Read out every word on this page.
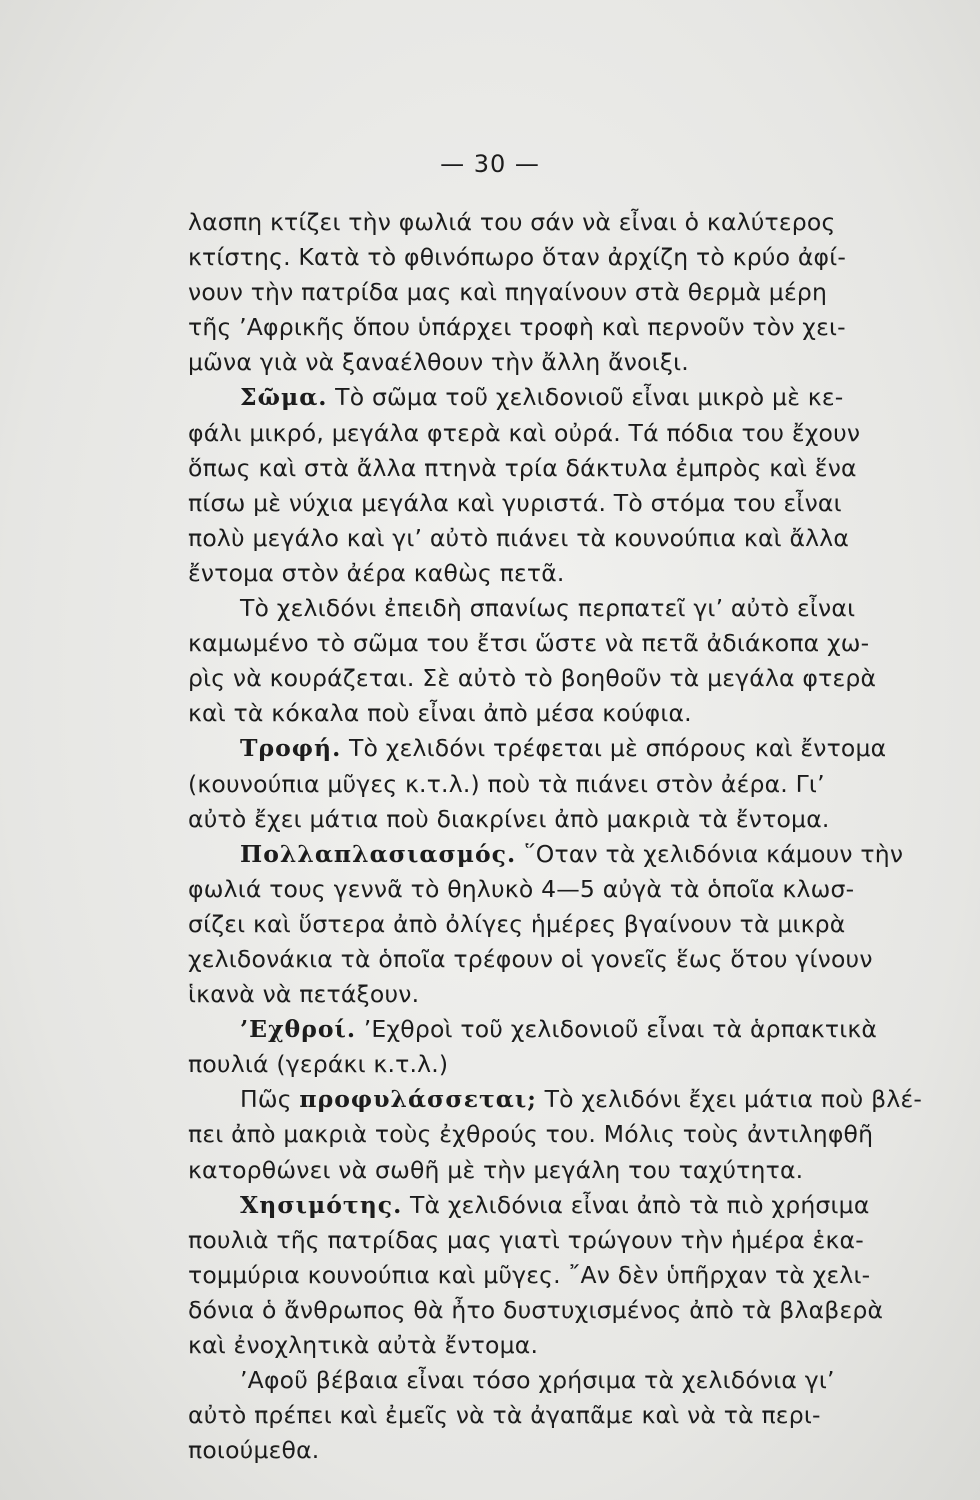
— 30 —
λασπη κτίζει τὴν φωλιά του σάν νὰ εἶναι ὁ καλύτερος
κτίστης. Κατὰ τὸ φθινόπωρο ὅταν ἀρχίζη τὸ κρύο ἀφί-
νουν τὴν πατρίδα μας καὶ πηγαίνουν στὰ θερμὰ μέρη
τῆς ’Αφρικῆς ὅπου ὑπάρχει τροφὴ καὶ περνοῦν τὸν χει-
μῶνα γιὰ νὰ ξαναέλθουν τὴν ἄλλη ἄνοιξι.
Σῶμα. Τὸ σῶμα τοῦ χελιδονιοῦ εἶναι μικρὸ μὲ κε-
φάλι μικρό, μεγάλα φτερὰ καὶ οὐρά. Τά πόδια του ἔχουν
ὅπως καὶ στὰ ἄλλα πτηνὰ τρία δάκτυλα ἐμπρὸς καὶ ἕνα
πίσω μὲ νύχια μεγάλα καὶ γυριστά. Τὸ στόμα του εἶναι
πολὺ μεγάλο καὶ γι’ αὐτὸ πιάνει τὰ κουνούπια καὶ ἄλλα
ἔντομα στὸν ἀέρα καθὼς πετᾶ.
Τὸ χελιδόνι ἐπειδὴ σπανίως περπατεῖ γι’ αὐτὸ εἶναι
καμωμένο τὸ σῶμα του ἔτσι ὥστε νὰ πετᾶ ἀδιάκοπα χω-
ρὶς νὰ κουράζεται. Σὲ αὐτὸ τὸ βοηθοῦν τὰ μεγάλα φτερὰ
καὶ τὰ κόκαλα ποὺ εἶναι ἀπὸ μέσα κούφια.
Τροφή. Τὸ χελιδόνι τρέφεται μὲ σπόρους καὶ ἔντομα
(κουνούπια μῦγες κ.τ.λ.) ποὺ τὰ πιάνει στὸν ἀέρα. Γι’
αὐτὸ ἔχει μάτια ποὺ διακρίνει ἀπὸ μακριὰ τὰ ἔντομα.
Πολλαπλασιασμός. ῞Οταν τὰ χελιδόνια κάμουν τὴν
φωλιά τους γεννᾶ τὸ θηλυκὸ 4—5 αὐγὰ τὰ ὁποῖα κλωσ-
σίζει καὶ ὕστερα ἀπὸ ὀλίγες ἡμέρες βγαίνουν τὰ μικρὰ
χελιδονάκια τὰ ὁποῖα τρέφουν οἱ γονεῖς ἕως ὅτου γίνουν
ἱκανὰ νὰ πετάξουν.
’Εχθροί. ’Εχθροὶ τοῦ χελιδονιοῦ εἶναι τὰ ἁρπακτικὰ
πουλιά (γεράκι κ.τ.λ.)
Πῶς προφυλάσσεται; Τὸ χελιδόνι ἔχει μάτια ποὺ βλέ-
πει ἀπὸ μακριὰ τοὺς ἐχθρούς του. Μόλις τοὺς ἀντιληφθῆ
κατορθώνει νὰ σωθῆ μὲ τὴν μεγάλη του ταχύτητα.
Χησιμότης. Τὰ χελιδόνια εἶναι ἀπὸ τὰ πιὸ χρήσιμα
πουλιὰ τῆς πατρίδας μας γιατὶ τρώγουν τὴν ἡμέρα ἑκα-
τομμύρια κουνούπια καὶ μῦγες. ῎Αν δὲν ὑπῆρχαν τὰ χελι-
δόνια ὁ ἄνθρωπος θὰ ἦτο δυστυχισμένος ἀπὸ τὰ βλαβερὰ
καὶ ἐνοχλητικὰ αὐτὰ ἔντομα.
’Αφοῦ βέβαια εἶναι τόσο χρήσιμα τὰ χελιδόνια γι’
αὐτὸ πρέπει καὶ ἐμεῖς νὰ τὰ ἀγαπᾶμε καὶ νὰ τὰ περι-
ποιούμεθα.
